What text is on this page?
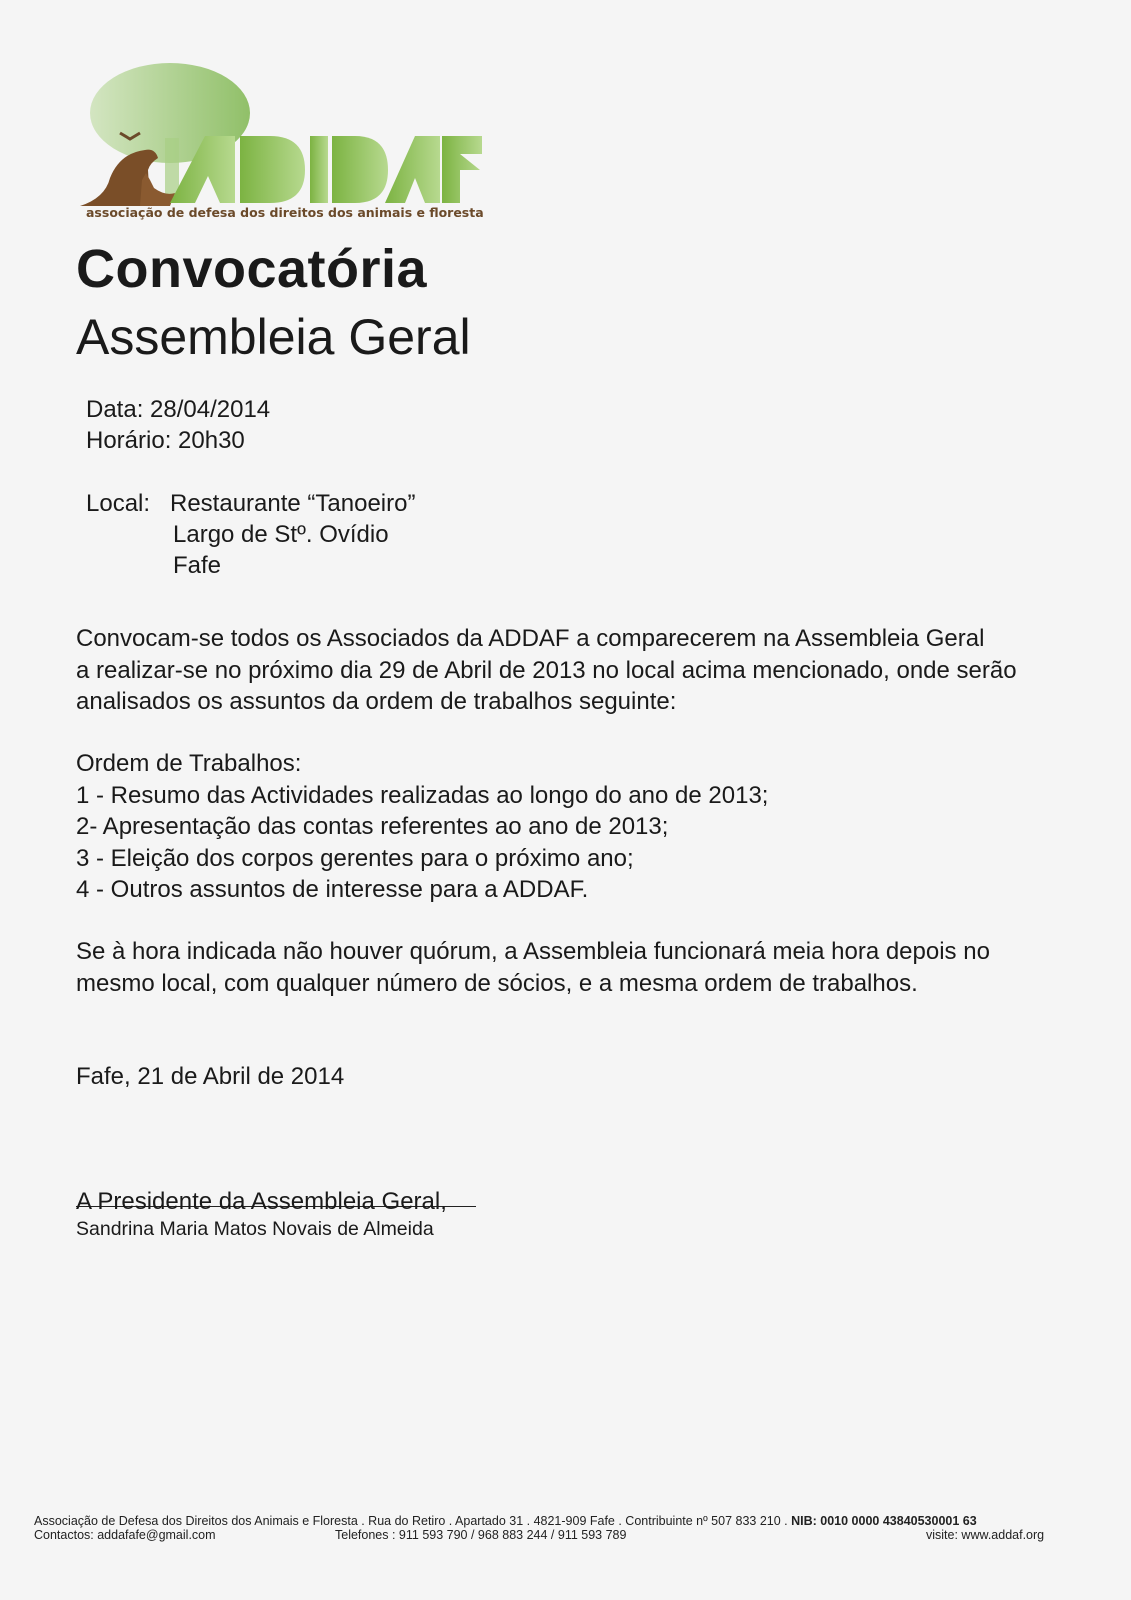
associação de defesa dos direitos dos animais e floresta
Convocatória
Assembleia Geral
Data: 28/04/2014
Horário: 20h30
Local: Restaurante “Tanoeiro”
Largo de Stº. Ovídio
Fafe
Convocam-se todos os Associados da ADDAF a comparecerem na Assembleia Geral
a realizar-se no próximo dia 29 de Abril de 2013 no local acima mencionado, onde serão
analisados os assuntos da ordem de trabalhos seguinte:
Ordem de Trabalhos:
1 - Resumo das Actividades realizadas ao longo do ano de 2013;
2- Apresentação das contas referentes ao ano de 2013;
3 - Eleição dos corpos gerentes para o próximo ano;
4 - Outros assuntos de interesse para a ADDAF.
Se à hora indicada não houver quórum, a Assembleia funcionará meia hora depois no
mesmo local, com qualquer número de sócios, e a mesma ordem de trabalhos.
Fafe, 21 de Abril de 2014
A Presidente da Assembleia Geral,
Sandrina Maria Matos Novais de Almeida
Associação de Defesa dos Direitos dos Animais e Floresta . Rua do Retiro . Apartado 31 . 4821-909 Fafe . Contribuinte nº 507 833 210 . NIB: 0010 0000 43840530001 63
Contactos: addafafe@gmail.com	Telefones : 911 593 790 / 968 883 244 / 911 593 789	visite: www.addaf.org
